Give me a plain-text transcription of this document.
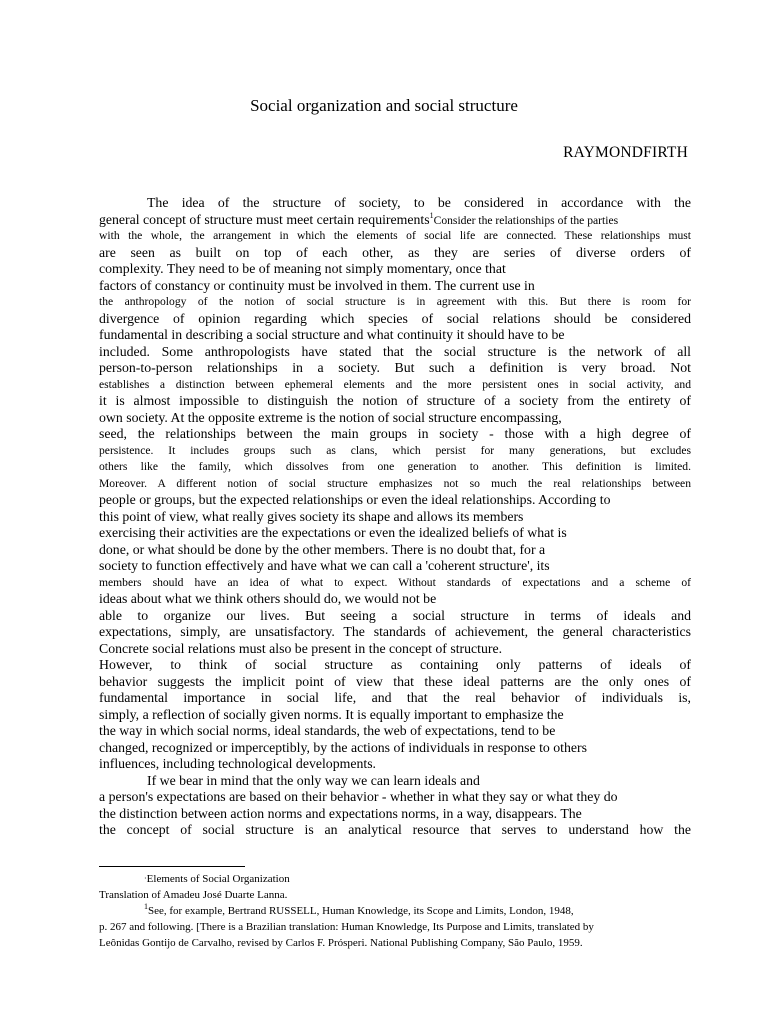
Social organization and social structure
RAYMONDFIRTH
The idea of the structure of society, to be considered in accordance with the
general concept of structure must meet certain requirements$^1$Consider the relationships of the parties
with the whole, the arrangement in which the elements of social life are connected. These relationships must
are seen as built on top of each other, as they are series of diverse orders of
complexity. They need to be of meaning not simply momentary, once that
factors of constancy or continuity must be involved in them. The current use in
the anthropology of the notion of social structure is in agreement with this. But there is room for
divergence of opinion regarding which species of social relations should be considered
fundamental in describing a social structure and what continuity it should have to be
included. Some anthropologists have stated that the social structure is the network of all
person-to-person relationships in a society. But such a definition is very broad. Not
establishes a distinction between ephemeral elements and the more persistent ones in social activity, and
it is almost impossible to distinguish the notion of structure of a society from the entirety of
own society. At the opposite extreme is the notion of social structure encompassing,
seed, the relationships between the main groups in society - those with a high degree of
persistence. It includes groups such as clans, which persist for many generations, but excludes
others like the family, which dissolves from one generation to another. This definition is limited.
Moreover. A different notion of social structure emphasizes not so much the real relationships between
people or groups, but the expected relationships or even the ideal relationships. According to
this point of view, what really gives society its shape and allows its members
exercising their activities are the expectations or even the idealized beliefs of what is
done, or what should be done by the other members. There is no doubt that, for a
society to function effectively and have what we can call a 'coherent structure', its
members should have an idea of what to expect. Without standards of expectations and a scheme of
ideas about what we think others should do, we would not be
able to organize our lives. But seeing a social structure in terms of ideals and
expectations, simply, are unsatisfactory. The standards of achievement, the general characteristics
Concrete social relations must also be present in the concept of structure.
However, to think of social structure as containing only patterns of ideals of
behavior suggests the implicit point of view that these ideal patterns are the only ones of
fundamental importance in social life, and that the real behavior of individuals is,
simply, a reflection of socially given norms. It is equally important to emphasize the
the way in which social norms, ideal standards, the web of expectations, tend to be
changed, recognized or imperceptibly, by the actions of individuals in response to others
influences, including technological developments.
If we bear in mind that the only way we can learn ideals and
a person's expectations are based on their behavior - whether in what they say or what they do
the distinction between action norms and expectations norms, in a way, disappears. The
the concept of social structure is an analytical resource that serves to understand how the
·Elements of Social Organization
Translation of Amadeu José Duarte Lanna.
$^1$See, for example, Bertrand RUSSELL, Human Knowledge, its Scope and Limits, London, 1948,
p. 267 and following. [There is a Brazilian translation: Human Knowledge, Its Purpose and Limits, translated by
Leônidas Gontijo de Carvalho, revised by Carlos F. Prósperi. National Publishing Company, São Paulo, 1959.
